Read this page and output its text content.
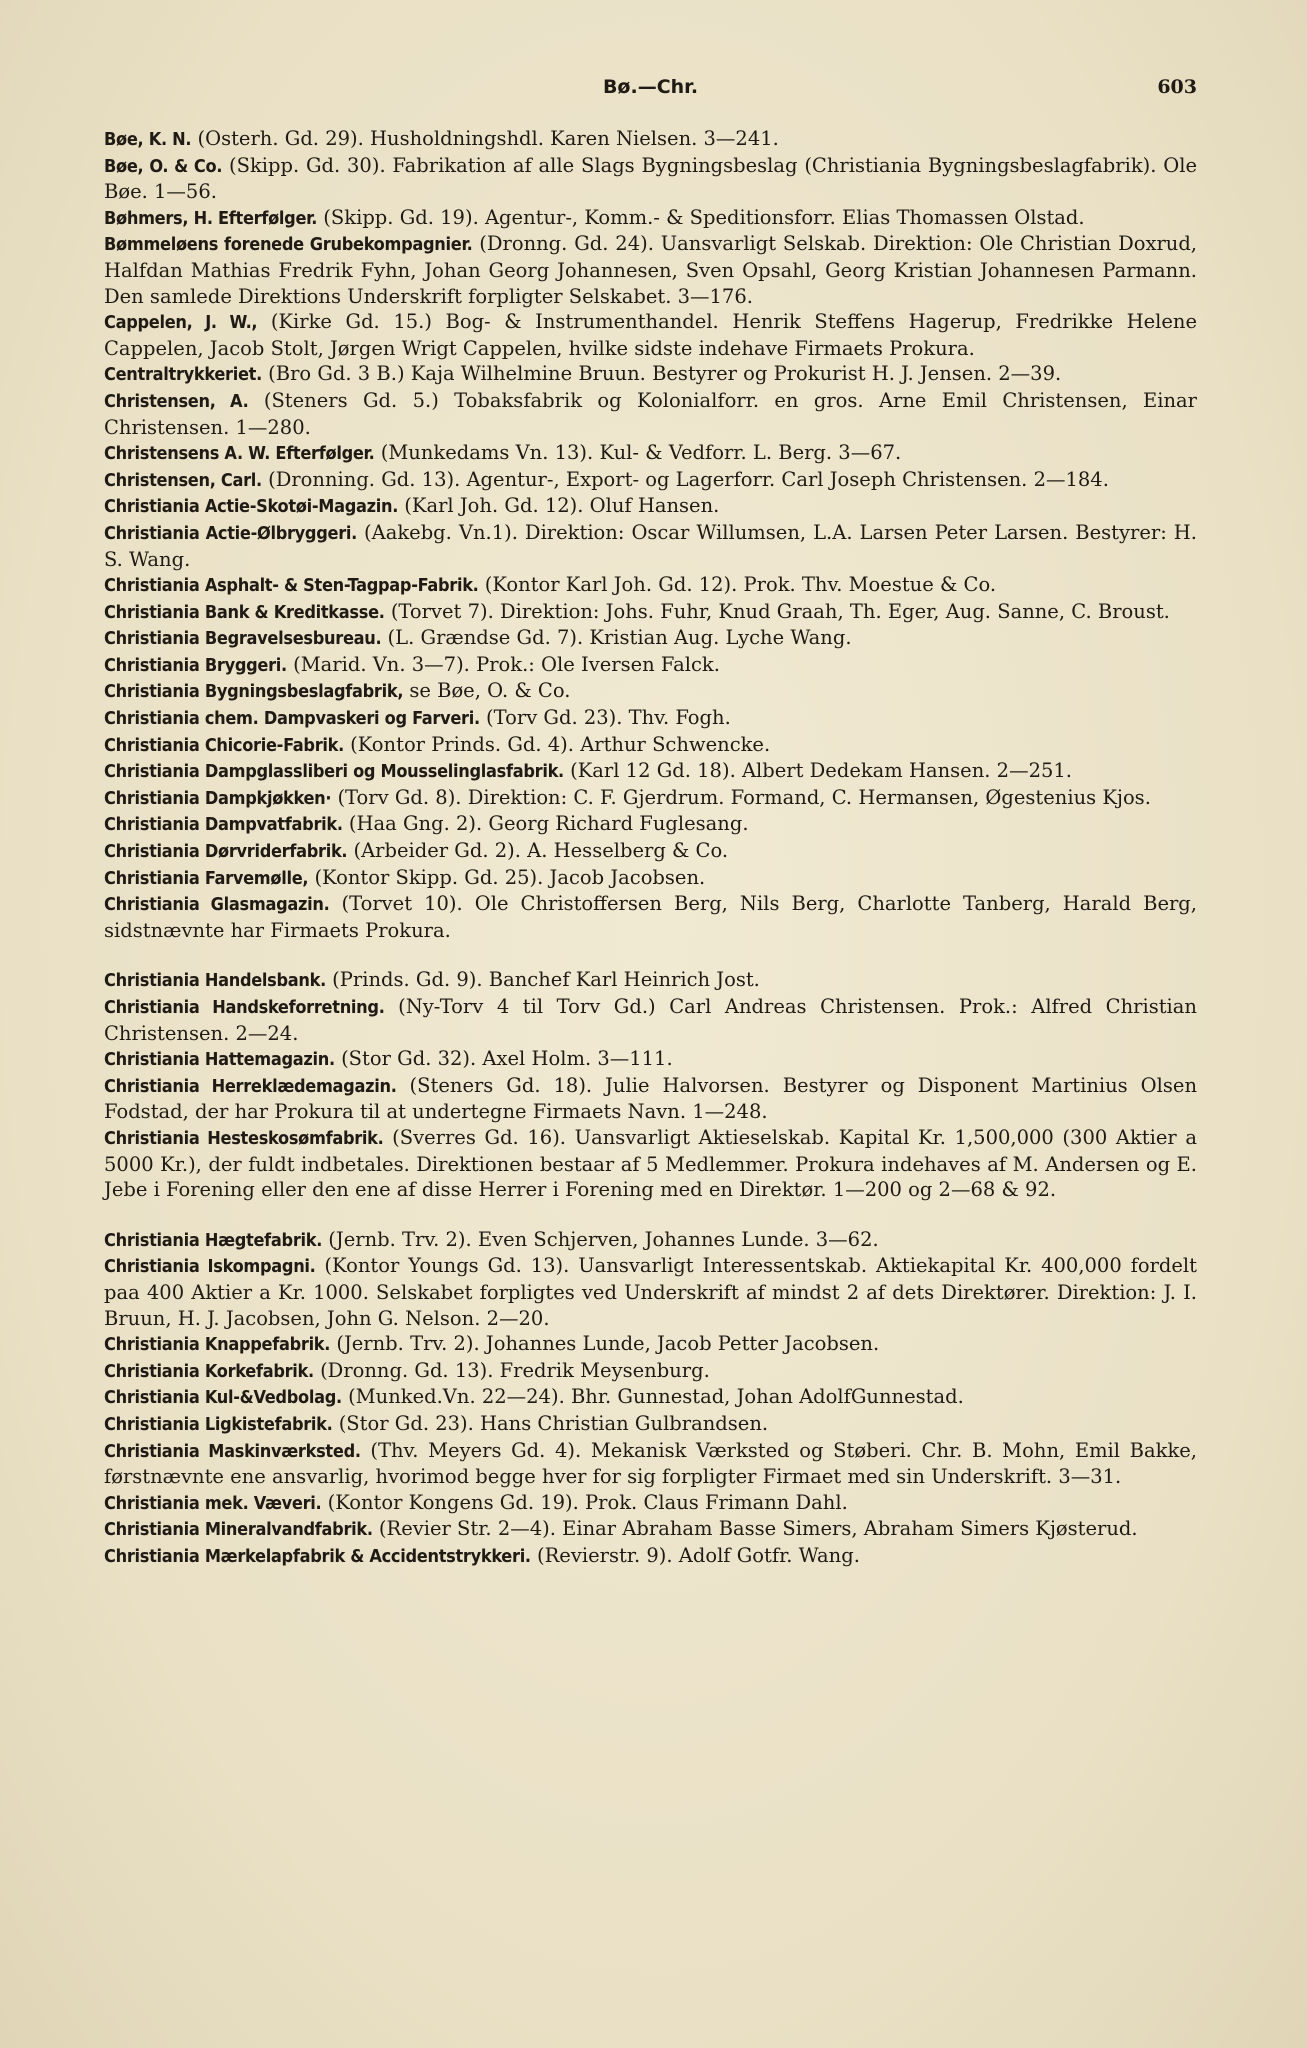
Bø.—Chr.	603
Bøe, K. N. (Osterh. Gd. 29). Husholdningshdl. Karen Nielsen. 3—241.
Bøe, O. & Co. (Skipp. Gd. 30). Fabrikation af alle Slags Bygningsbeslag (Christiania Bygningsbeslagfabrik). Ole Bøe. 1—56.
Bøhmers, H. Efterfølger. (Skipp. Gd. 19). Agentur-, Komm.- & Speditionsforr. Elias Thomassen Olstad.
Bømmeløens forenede Grubekompagnier. (Dronng. Gd. 24). Uansvarligt Selskab. Direktion: Ole Christian Doxrud, Halfdan Mathias Fredrik Fyhn, Johan Georg Johannesen, Sven Opsahl, Georg Kristian Johannesen Parmann. Den samlede Direktions Underskrift forpligter Selskabet. 3—176.
Cappelen, J. W., (Kirke Gd. 15.) Bog- & Instrumenthandel. Henrik Steffens Hagerup, Fredrikke Helene Cappelen, Jacob Stolt, Jørgen Wrigt Cappelen, hvilke sidste indehave Firmaets Prokura.
Centraltrykkeriet. (Bro Gd. 3 B.) Kaja Wilhelmine Bruun. Bestyrer og Prokurist H. J. Jensen. 2—39.
Christensen, A. (Steners Gd. 5.) Tobaksfabrik og Kolonialforr. en gros. Arne Emil Christensen, Einar Christensen. 1—280.
Christensens A. W. Efterfølger. (Munkedams Vn. 13). Kul- & Vedforr. L. Berg. 3—67.
Christensen, Carl. (Dronning. Gd. 13). Agentur-, Export- og Lagerforr. Carl Joseph Christensen. 2—184.
Christiania Actie-Skotøi-Magazin. (Karl Joh. Gd. 12). Oluf Hansen.
Christiania Actie-Ølbryggeri. (Aakebg. Vn.1). Direktion: Oscar Willumsen, L.A. Larsen Peter Larsen. Bestyrer: H. S. Wang.
Christiania Asphalt- & Sten-Tagpap-Fabrik. (Kontor Karl Joh. Gd. 12). Prok. Thv. Moestue & Co.
Christiania Bank & Kreditkasse. (Torvet 7). Direktion: Johs. Fuhr, Knud Graah, Th. Eger, Aug. Sanne, C. Broust.
Christiania Begravelsesbureau. (L. Grændse Gd. 7). Kristian Aug. Lyche Wang.
Christiania Bryggeri. (Marid. Vn. 3—7). Prok.: Ole Iversen Falck.
Christiania Bygningsbeslagfabrik, se Bøe, O. & Co.
Christiania chem. Dampvaskeri og Farveri. (Torv Gd. 23). Thv. Fogh.
Christiania Chicorie-Fabrik. (Kontor Prinds. Gd. 4). Arthur Schwencke.
Christiania Dampglassliberi og Mousselinglasfabrik. (Karl 12 Gd. 18). Albert Dedekam Hansen. 2—251.
Christiania Dampkjøkken· (Torv Gd. 8). Direktion: C. F. Gjerdrum. Formand, C. Hermansen, Øgestenius Kjos.
Christiania Dampvatfabrik. (Haa Gng. 2). Georg Richard Fuglesang.
Christiania Dørvriderfabrik. (Arbeider Gd. 2). A. Hesselberg & Co.
Christiania Farvemølle, (Kontor Skipp. Gd. 25). Jacob Jacobsen.
Christiania Glasmagazin. (Torvet 10). Ole Christoffersen Berg, Nils Berg, Charlotte Tanberg, Harald Berg, sidstnævnte har Firmaets Prokura.
Christiania Handelsbank. (Prinds. Gd. 9). Banchef Karl Heinrich Jost.
Christiania Handskeforretning. (Ny-Torv 4 til Torv Gd.) Carl Andreas Christensen. Prok.: Alfred Christian Christensen. 2—24.
Christiania Hattemagazin. (Stor Gd. 32). Axel Holm. 3—111.
Christiania Herreklædemagazin. (Steners Gd. 18). Julie Halvorsen. Bestyrer og Disponent Martinius Olsen Fodstad, der har Prokura til at undertegne Firmaets Navn. 1—248.
Christiania Hesteskosømfabrik. (Sverres Gd. 16). Uansvarligt Aktieselskab. Kapital Kr. 1,500,000 (300 Aktier a 5000 Kr.), der fuldt indbetales. Direktionen bestaar af 5 Medlemmer. Prokura indehaves af M. Andersen og E. Jebe i Forening eller den ene af disse Herrer i Forening med en Direktør. 1—200 og 2—68 & 92.
Christiania Hægtefabrik. (Jernb. Trv. 2). Even Schjerven, Johannes Lunde. 3—62.
Christiania Iskompagni. (Kontor Youngs Gd. 13). Uansvarligt Interessentskab. Aktiekapital Kr. 400,000 fordelt paa 400 Aktier a Kr. 1000. Selskabet forpligtes ved Underskrift af mindst 2 af dets Direktører. Direktion: J. I. Bruun, H. J. Jacobsen, John G. Nelson. 2—20.
Christiania Knappefabrik. (Jernb. Trv. 2). Johannes Lunde, Jacob Petter Jacobsen.
Christiania Korkefabrik. (Dronng. Gd. 13). Fredrik Meysenburg.
Christiania Kul-&Vedbolag. (Munked.Vn. 22—24). Bhr. Gunnestad, Johan AdolfGunnestad.
Christiania Ligkistefabrik. (Stor Gd. 23). Hans Christian Gulbrandsen.
Christiania Maskinværksted. (Thv. Meyers Gd. 4). Mekanisk Værksted og Støberi. Chr. B. Mohn, Emil Bakke, førstnævnte ene ansvarlig, hvorimod begge hver for sig forpligter Firmaet med sin Underskrift. 3—31.
Christiania mek. Væveri. (Kontor Kongens Gd. 19). Prok. Claus Frimann Dahl.
Christiania Mineralvandfabrik. (Revier Str. 2—4). Einar Abraham Basse Simers, Abraham Simers Kjøsterud.
Christiania Mærkelapfabrik & Accidentstrykkeri. (Revierstr. 9). Adolf Gotfr. Wang.
